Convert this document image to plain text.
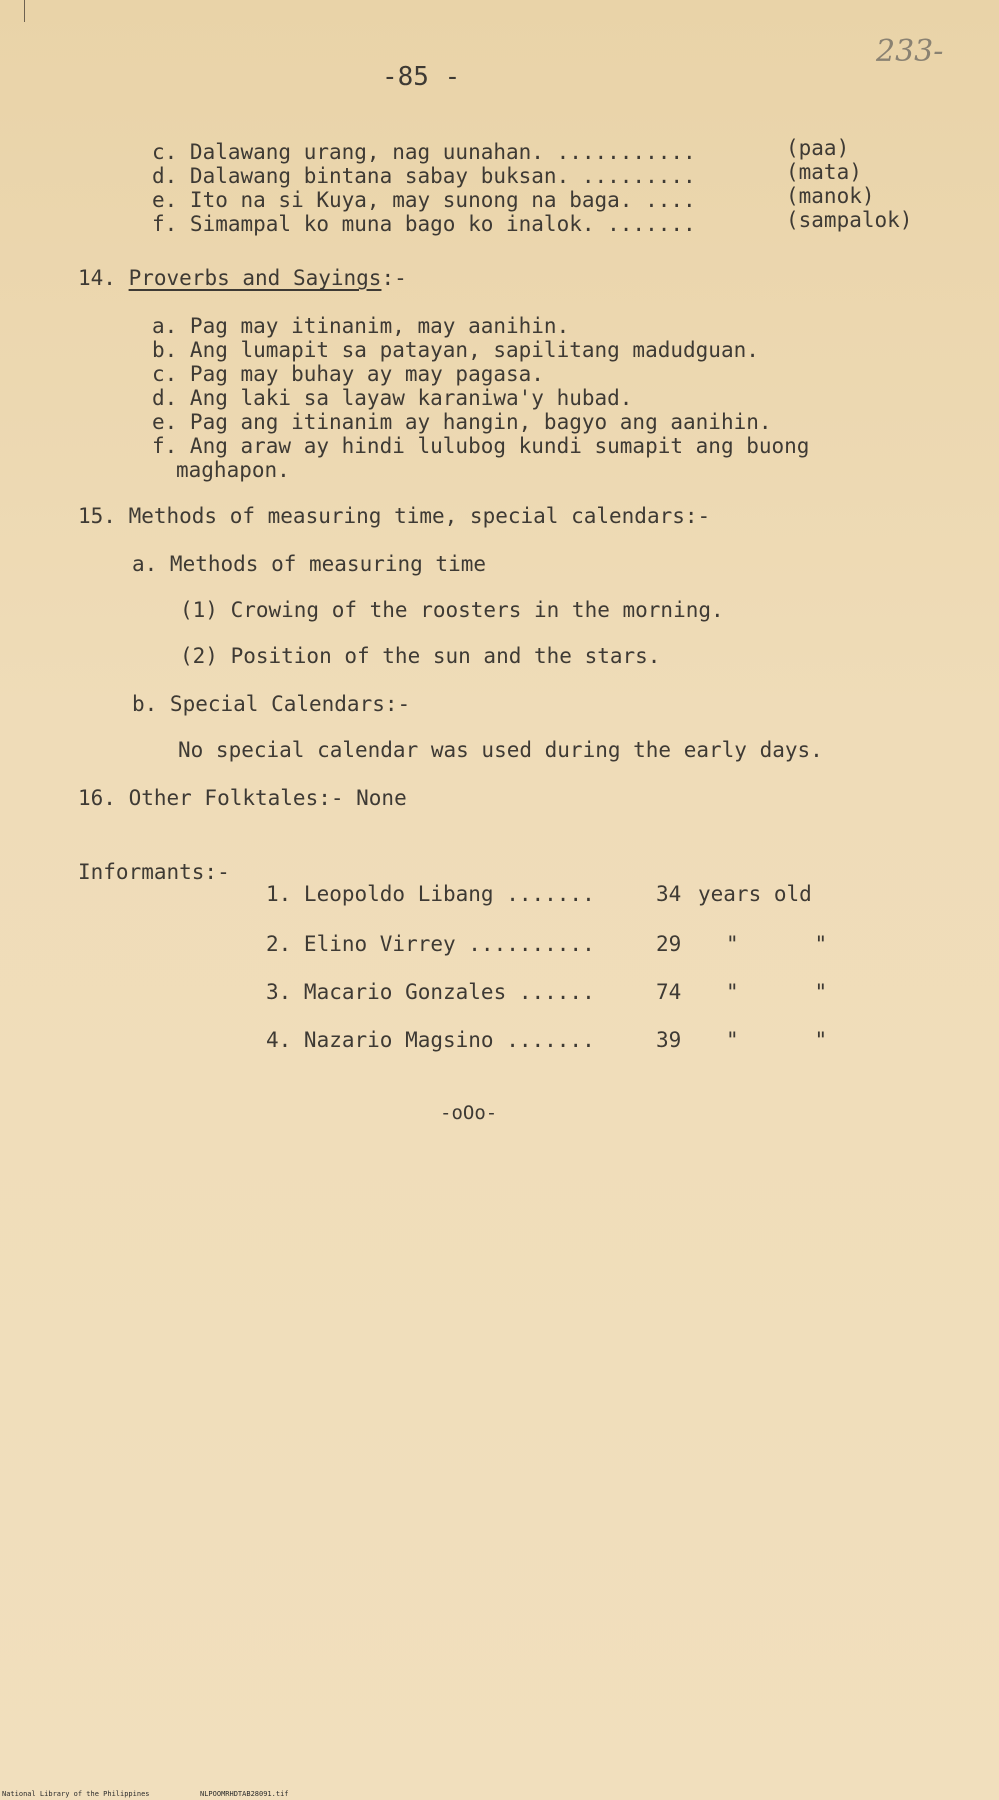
-85 -
233-
c. Dalawang urang, nag uunahan. ...........	(paa)
d. Dalawang bintana sabay buksan. .........	(mata)
e. Ito na si Kuya, may sunong na baga. ....	(manok)
f. Simampal ko muna bago ko inalok. .......	(sampalok)
14. Proverbs and Sayings:-
a. Pag may itinanim, may aanihin.
b. Ang lumapit sa patayan, sapilitang madudguan.
c. Pag may buhay ay may pagasa.
d. Ang laki sa layaw karaniwa'y hubad.
e. Pag ang itinanim ay hangin, bagyo ang aanihin.
f. Ang araw ay hindi lulubog kundi sumapit ang buong
maghapon.
15. Methods of measuring time, special calendars:-
a. Methods of measuring time
(1) Crowing of the roosters in the morning.
(2) Position of the sun and the stars.
b. Special Calendars:-
No special calendar was used during the early days.
16. Other Folktales:- None
Informants:-
1. Leopoldo Libang .......	34 years old
2. Elino Virrey ..........	29 "      "
3. Macario Gonzales ......	74 "      "
4. Nazario Magsino .......	39 "      "
-oOo-
National Library of the Philippines	NLPOOMRHDTAB28091.tif
